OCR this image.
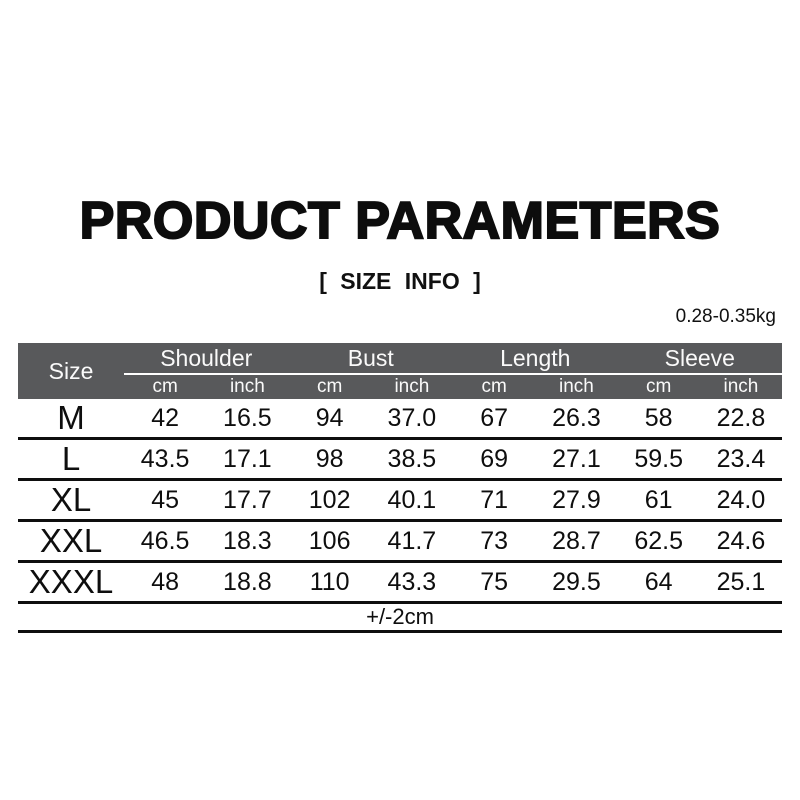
PRODUCT PARAMETERS
[ SIZE INFO ]
0.28-0.35kg
Size	Shoulder		Bust		Length		Sleeve	
	cm	inch	cm	inch	cm	inch	cm	inch
M	42	16.5	94	37.0	67	26.3	58	22.8
L	43.5	17.1	98	38.5	69	27.1	59.5	23.4
XL	45	17.7	102	40.1	71	27.9	61	24.0
XXL	46.5	18.3	106	41.7	73	28.7	62.5	24.6
XXXL	48	18.8	110	43.3	75	29.5	64	25.1
+/-2cm								
